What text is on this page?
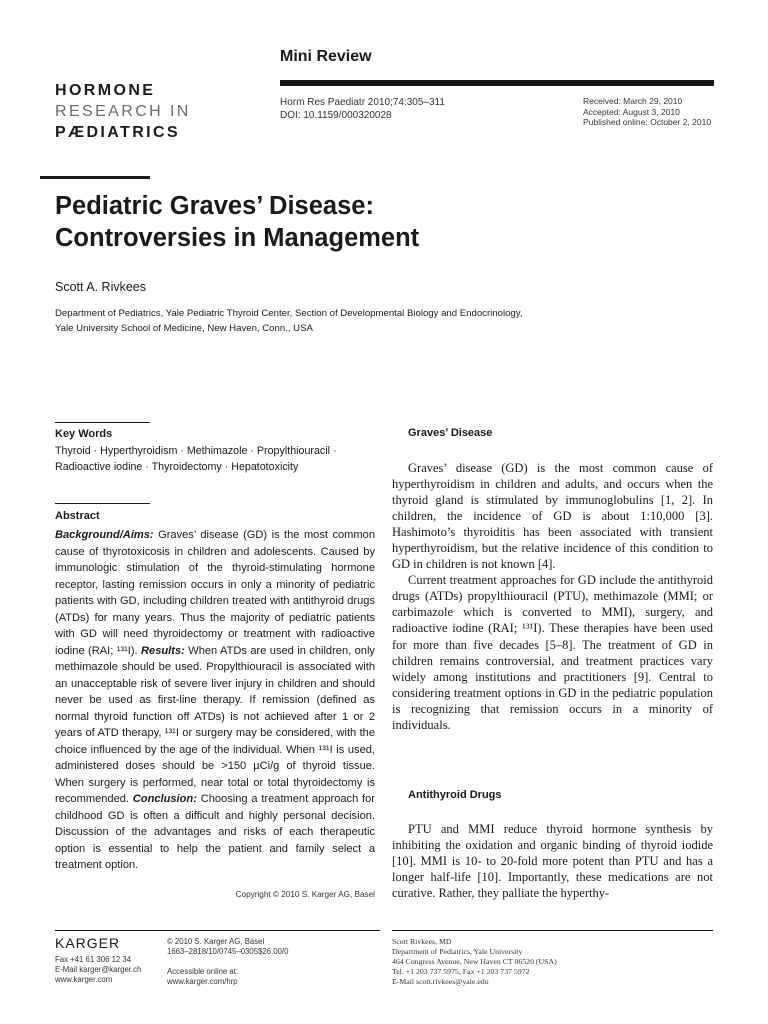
Mini Review
HORMONE
RESEARCH IN
PÆDIATRICS
Horm Res Paediatr 2010;74:305–311
DOI: 10.1159/000320028
Received: March 29, 2010
Accepted: August 3, 2010
Published online: October 2, 2010
Pediatric Graves’ Disease:
Controversies in Management
Scott A. Rivkees
Department of Pediatrics, Yale Pediatric Thyroid Center, Section of Developmental Biology and Endocrinology,
Yale University School of Medicine, New Haven, Conn., USA
Key Words
Thyroid · Hyperthyroidism · Methimazole · Propylthiouracil · Radioactive iodine · Thyroidectomy · Hepatotoxicity
Abstract
Background/Aims: Graves’ disease (GD) is the most common cause of thyrotoxicosis in children and adolescents. Caused by immunologic stimulation of the thyroid-stimulating hormone receptor, lasting remission occurs in only a minority of pediatric patients with GD, including children treated with antithyroid drugs (ATDs) for many years. Thus the majority of pediatric patients with GD will need thyroidectomy or treatment with radioactive iodine (RAI; ¹³¹I). Results: When ATDs are used in children, only methimazole should be used. Propylthiouracil is associated with an unacceptable risk of severe liver injury in children and should never be used as first-line therapy. If remission (defined as normal thyroid function off ATDs) is not achieved after 1 or 2 years of ATD therapy, ¹³¹I or surgery may be considered, with the choice influenced by the age of the individual. When ¹³¹I is used, administered doses should be >150 µCi/g of thyroid tissue. When surgery is performed, near total or total thyroidectomy is recommended. Conclusion: Choosing a treatment approach for childhood GD is often a difficult and highly personal decision. Discussion of the advantages and risks of each therapeutic option is essential to help the patient and family select a treatment option.
Copyright © 2010 S. Karger AG, Basel
Graves’ Disease

Graves’ disease (GD) is the most common cause of hyperthyroidism in children and adults, and occurs when the thyroid gland is stimulated by immunoglobulins [1, 2]. In children, the incidence of GD is about 1:10,000 [3]. Hashimoto’s thyroiditis has been associated with transient hyperthyroidism, but the relative incidence of this condition to GD in children is not known [4].

Current treatment approaches for GD include the antithyroid drugs (ATDs) propylthiouracil (PTU), methimazole (MMI; or carbimazole which is converted to MMI), surgery, and radioactive iodine (RAI; ¹³¹I). These therapies have been used for more than five decades [5–8]. The treatment of GD in children remains controversial, and treatment practices vary widely among institutions and practitioners [9]. Central to considering treatment options in GD in the pediatric population is recognizing that remission occurs in a minority of individuals.

Antithyroid Drugs

PTU and MMI reduce thyroid hormone synthesis by inhibiting the oxidation and organic binding of thyroid iodide [10]. MMI is 10- to 20-fold more potent than PTU and has a longer half-life [10]. Importantly, these medications are not curative. Rather, they palliate the hyperthy-

KARGER
Fax +41 61 306 12 34
E-Mail karger@karger.ch
www.karger.com
© 2010 S. Karger AG, Basel
1663–2818/10/0745–0305$26.00/0
Accessible online at:
www.karger.com/hrp
Scott Rivkees, MD
Department of Pediatrics, Yale University
464 Congress Avenue, New Haven CT 06520 (USA)
Tel. +1 203 737 5975, Fax +1 203 737 5972
E-Mail scott.rivkees@yale.edu
